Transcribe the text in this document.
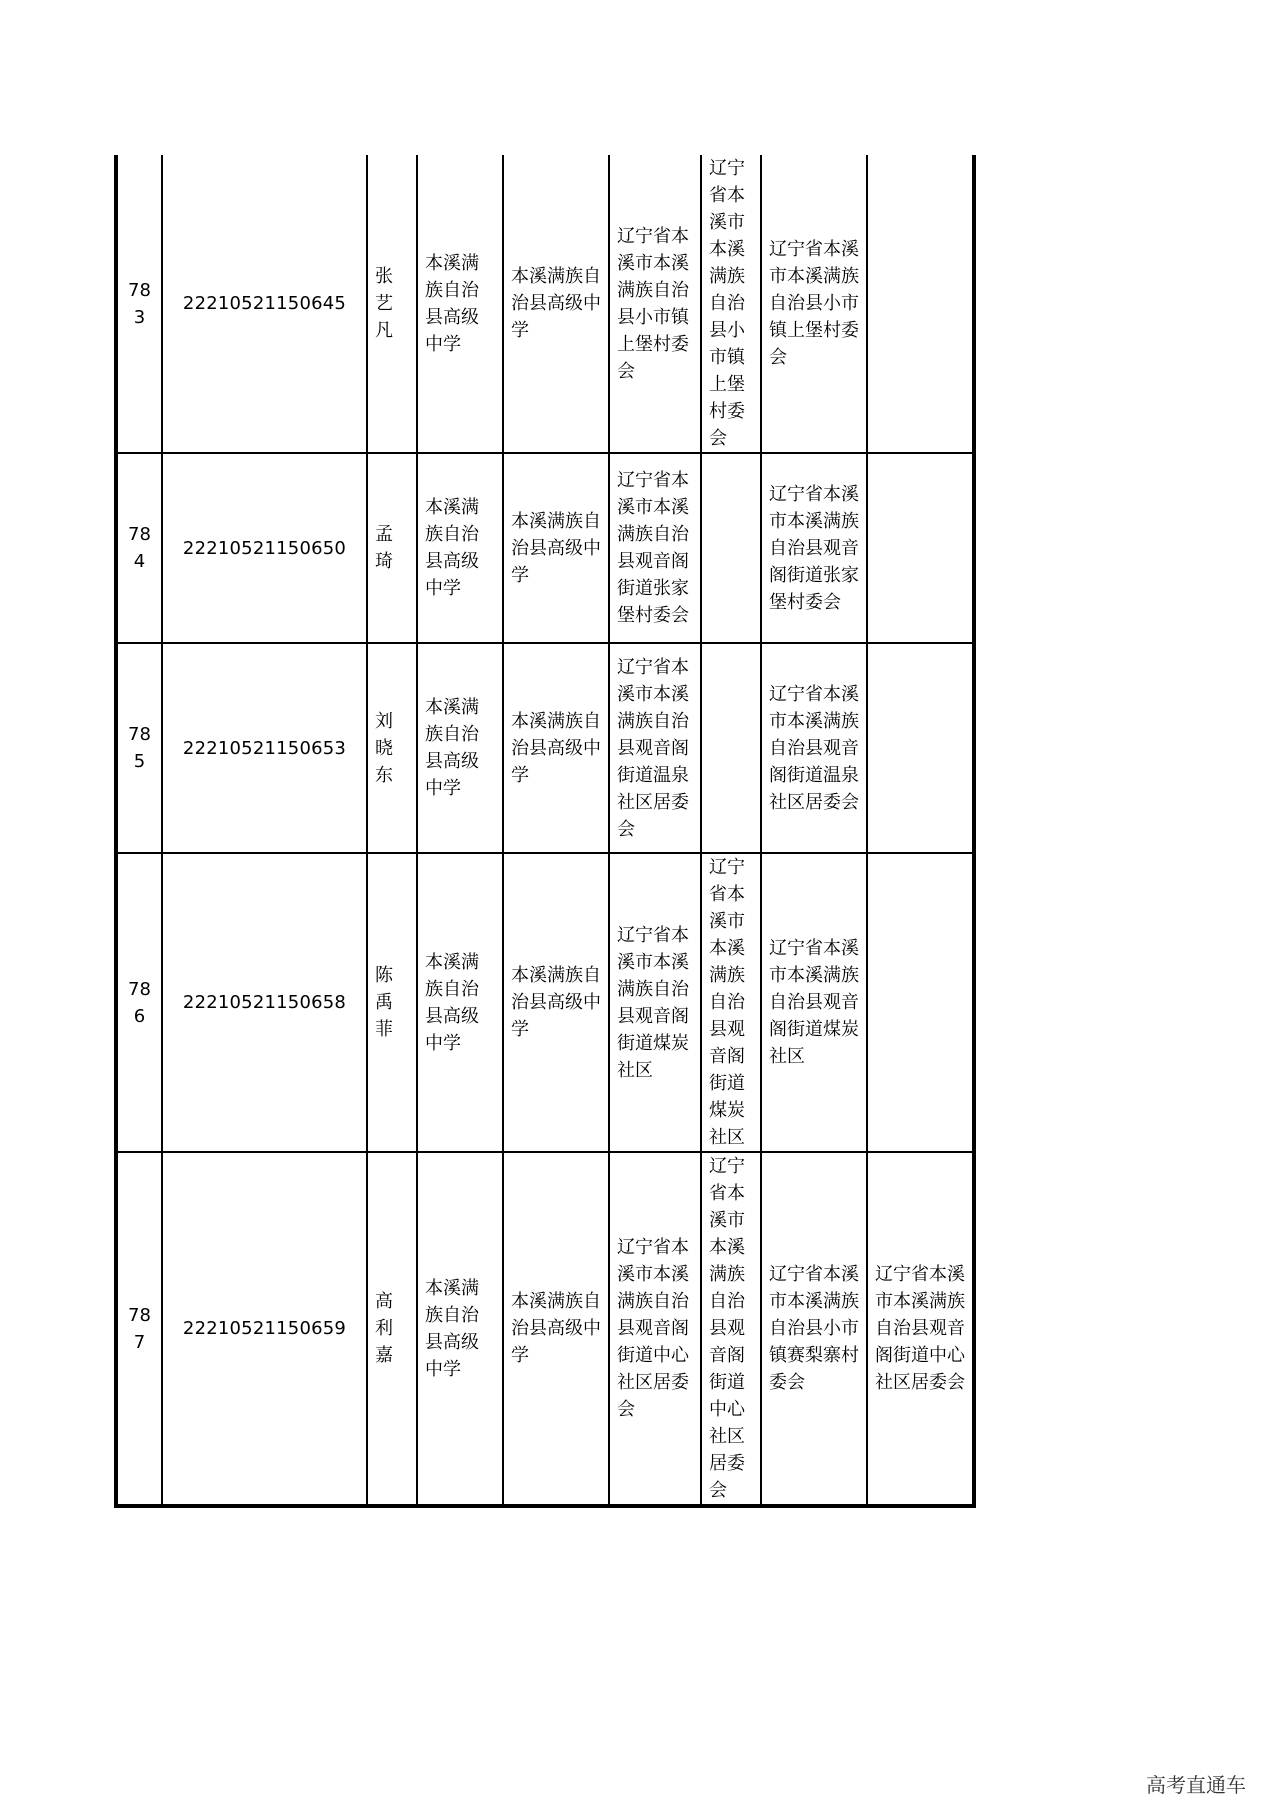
783	22210521150645	张艺凡	本溪满族自治县高级中学	本溪满族自治县高级中学	辽宁省本溪市本溪满族自治县小市镇上堡村委会	辽宁省本溪市本溪满族自治县小市镇上堡村委会	辽宁省本溪市本溪满族自治县小市镇上堡村委会	
784	22210521150650	孟琦	本溪满族自治县高级中学	本溪满族自治县高级中学	辽宁省本溪市本溪满族自治县观音阁街道张家堡村委会		辽宁省本溪市本溪满族自治县观音阁街道张家堡村委会	
785	22210521150653	刘晓东	本溪满族自治县高级中学	本溪满族自治县高级中学	辽宁省本溪市本溪满族自治县观音阁街道温泉社区居委会		辽宁省本溪市本溪满族自治县观音阁街道温泉社区居委会	
786	22210521150658	陈禹菲	本溪满族自治县高级中学	本溪满族自治县高级中学	辽宁省本溪市本溪满族自治县观音阁街道煤炭社区	辽宁省本溪市本溪满族自治县观音阁街道煤炭社区	辽宁省本溪市本溪满族自治县观音阁街道煤炭社区	
787	22210521150659	高利嘉	本溪满族自治县高级中学	本溪满族自治县高级中学	辽宁省本溪市本溪满族自治县观音阁街道中心社区居委会	辽宁省本溪市本溪满族自治县观音阁街道中心社区居委会	辽宁省本溪市本溪满族自治县小市镇赛梨寨村委会	辽宁省本溪市本溪满族自治县观音阁街道中心社区居委会
高考直通车
